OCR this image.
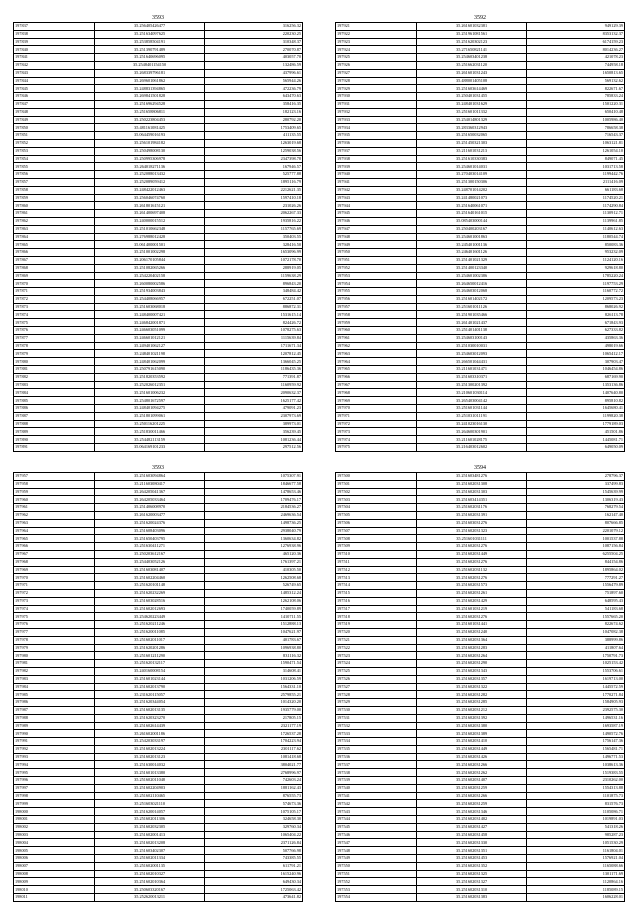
3593
197837	35.256405426477	316256.32
197838	35.251634097625	220230.25
197839	35.253858504191	310348.37
197840	35.251390791489	270070.87
197841	35.251640696095	403057.70
197842	35.2548401154150	132486.59
197843	35.268339796181	437996.61
197844	35.269601061862	565944.26
197845	35.248831394865	472236.79
197846	35.269841501828	643470.63
197847	35.251696294528	358416.35
197848	35.251658806811	182123.16
197849	35.250223804453	280792.20
197850	35.481161081425	1753409.65
197851	35.064459016193	411135.55
197852	35.256101984182	1263019.68
197853	35.250498008130	1259038.56
197854	35.250995306978	2347398.78
197855	35.264018271136	167946.57
197856	35.252088013432	525777.88
197857	35.252089059412	1895116.79
197858	35.248422012463	2212621.35
197859	35.256046074760	1597410.18
197860	35.261801615121	231026.26
197861	35.261400697408	2062267.33
197862	35.240000015512	1935816.22
197863	35.251010662348	1157765.69
197864	35.276988012428	350403.55
197865	35.061400001501	328416.50
197866	35.251001002298	1653096.99
197867	35.206170105844	1072178.70
197868	35.251082065266	288919.05
197869	35.254220402158	1159638.29
197870	35.260080002586	896843.20
197871	35.251934003843	348484.42
197872	35.254408066957	672251.07
197873	35.251603068018	886872.31
197874	35.248400007421	1531615.14
197875	35.246842001871	824426.72
197876	35.246603051099	1078275.63
197877	35.246601012121	1115639.84
197878	35.249401062127	1711671.34
197879	35.248401021198	1207812.45
197880	35.248401062099	1366045.25
197881	35.250791615090	1186435.36
197882	35.251820353592	771391.87
197883	35.252026012351	1160959.92
197884	35.251601006232	2090632.37
197885	35.254801672597	1625177.42
197886	35.248401094275	479091.23
197887	35.251801099061	2307973.69
197888	35.250116201225	389973.01
197889	35.251830011466	356239.45
197890	35.254482113159	1081236.44
197891	35.064169101233	297512.56
3592
197921	35.261601032381	949129.39
197922	35.251961081561	8353132.37
197923	35.251620302123	6174159.23
197924	35.271650821141	8014236.27
197925	35.254603401238	421078.23
197926	35.251662031120	744958.18
197927	35.261601031243	1650813.65
197928	35.488001405108	569132.62
197929	35.251603614469	822671.67
197930	35.250401031455	785833.24
197931	35.248401031629	1501220.31
197932	35.251601011332	650410.48
197933	35.254014801329	1005986.40
197934	35.283360312943	786658.38
197935	35.251650032065	716543.37
197936	35.251450321303	1063121.81
197937	35.211601031213	1261054.10
197938	35.251610330383	849071.45
197939	35.254601014031	1031713.58
197940	35.270403014109	1199442.76
197941	35.251300150306	2111416.09
197942	35.248701014202	661183.68
197943	35.241480021073	1174520.21
197944	35.251640061071	1174290.84
197945	35.251640161015	1130912.71
197946	35.085403000144	1139961.85
197947	35.250400203167	1140612.63
197948	35.254601001863	1180544.74
197949	35.245401001136	850083.36
197950	35.246401601126	953232.09
197951	35.251401021329	1124120.16
197952	35.251400123340	929618.80
197953	35.254601002386	1785220.24
197954	35.264650012416	1197753.29
197955	35.264603012068	1160772.72
197956	35.251601402172	1209573.23
197957	35.251601011126	868026.92
197958	35.251901035466	826113.78
197959	35.261401021437	671843.93
197960	35.251401401138	627333.82
197961	35.254603100143	435863.36
197962	35.251030010031	498019.66
197963	35.254603012093	1065412.17
197964	35.266501044431	307903.47
197965	35.211601031471	1046454.86
197966	35.251603310371	687169.90
197967	35.251300201392	1353136.86
197968	35.210601030114	1407640.80
197969	35.265403004142	895810.82
197970	35.251601031144	1645680.41
197971	35.251031011191	1199820.38
197972	35.241023016130	1779189.03
197973	35.264600301901	451501.86
197974	35.211601028175	1445081.71
197975	35.216403012602	649050.09
3593
197957	35.251603094864	1075307.91
197958	35.211603080417	1846677.58
197959	35.264205041367	1478653.46
197960	35.264205033464	1709476.17
197961	35.251406008970	2184536.27
197962	35.261620003477	2469636.54
197963	35.251620024376	1498736.25
197964	35.251608403096	2938040.79
197965	35.251650403795	1360634.82
197966	35.251630411271	1276938.96
197967	35.250203612167	465120.36
197968	35.254403052126	1761397.21
197969	35.251603081407	410305.50
197970	35.251602204460	1262508.68
197971	35.251620101148	526749.65
197972	35.251620232269	1485312.24
197973	35.251603028516	1262108.06
197974	35.251602012693	1740059.89
197975	35.254620223449	1410711.55
197976	35.251620211246	1512888.13
197977	35.251620011085	1047621.97
197978	35.251602011017	401783.67
197979	35.251620201286	1096938.80
197980	35.251601211290	831116.32
197981	35.251620132117	1590471.54
197982	35.240160008154	314608.41
197983	35.251601023144	1031206.59
197984	35.251602013790	1564331.10
197985	35.231620115057	2579855.21
197986	35.251620344054	1014320.20
197987	35.251602013135	1935779.00
197988	35.251620323270	217805.15
197989	35.251602614439	2321177.19
197990	35.261602001186	1726537.28
197991	35.254203033197	1704223.94
197992	35.251602013224	2301117.62
197993	35.251602013123	1081418.68
197994	35.251630014032	3804021.77
197995	35.251601013380	2768996.97
197996	35.251602011048	742603.24
197997	35.251602204903	1881162.43
197998	35.251602110465	876555.73
197999	35.251603021110	574673.36
198000	35.251620014057	1075105.17
198001	35.251602011306	324658.30
198002	35.251602032305	329760.34
198003	35.251602001413	1065404.22
198004	35.251602013208	2371126.84
198005	35.251603402307	507766.98
198006	35.251602011334	743385.55
198007	35.251602001135	611791.21
198008	35.251602010327	1615240.96
198009	35.251602010364	649430.34
198010	35.250603320167	1725063.42
198011	35.252620013211	473641.82
3594
197500	35.251603481276	278796.37
197501	35.251602031308	337499.83
197502	35.251602031303	1545639.99
197503	35.251603414351	1306319.43
197504	35.251602031176	768279.54
197505	35.251602031391	162147.40
197506	35.251603031276	807666.85
197507	35.251602031323	2201079.12
197508	35.251601031111	1001537.88
197509	35.251602031276	1087156.84
197510	35.251602031449	6255504.25
197511	35.251602031276	844154.86
197512	35.251602031132	1895864.02
197513	35.251602031276	777291.27
197514	35.251602031573	1556479.89
197515	35.251602031261	751897.60
197516	35.251602031429	648595.43
197517	35.251601031219	541183.68
197518	35.251602031276	1557665.20
197519	35.251601031441	822674.62
197520	35.251602031240	1047082.38
197521	35.251602031364	388999.86
197522	35.251602031283	411807.64
197523	35.251602031264	1750791.73
197524	35.251602031290	1025153.42
197525	35.251602031343	1553706.61
197526	35.251602031357	1619713.00
197527	35.251602031322	1445572.59
197528	35.251602031282	1770271.84
197529	35.251602031285	1584905.93
197530	35.251602031212	2392575.30
197531	35.251602031392	1496531.16
197532	35.251602031380	1693587.19
197533	35.251602031389	1490572.76
197534	35.251602031410	1756147.36
197535	35.251602031449	1565481.71
197536	35.251602031426	1496771.53
197537	35.251602031266	1038613.36
197538	35.251602031262	1519383.55
197539	35.251602031407	2310262.00
197540	35.251602031259	1554313.88
197541	35.251602031266	1101875.73
197542	35.251602031259	831576.73
197543	35.251602031346	1105086.71
197544	35.251602031402	1019891.03
197545	35.251602031427	541318.26
197546	35.251602031458	985287.23
197547	35.251602031330	1051530.29
197548	35.251602031351	1161804.01
197549	35.251602031453	1576921.04
197550	35.251602031352	1165088.66
197551	35.251602031325	1301171.69
197552	35.251602031327	1120864.16
197553	35.251602031310	1185089.15
197554	35.251602031383	1606228.01
